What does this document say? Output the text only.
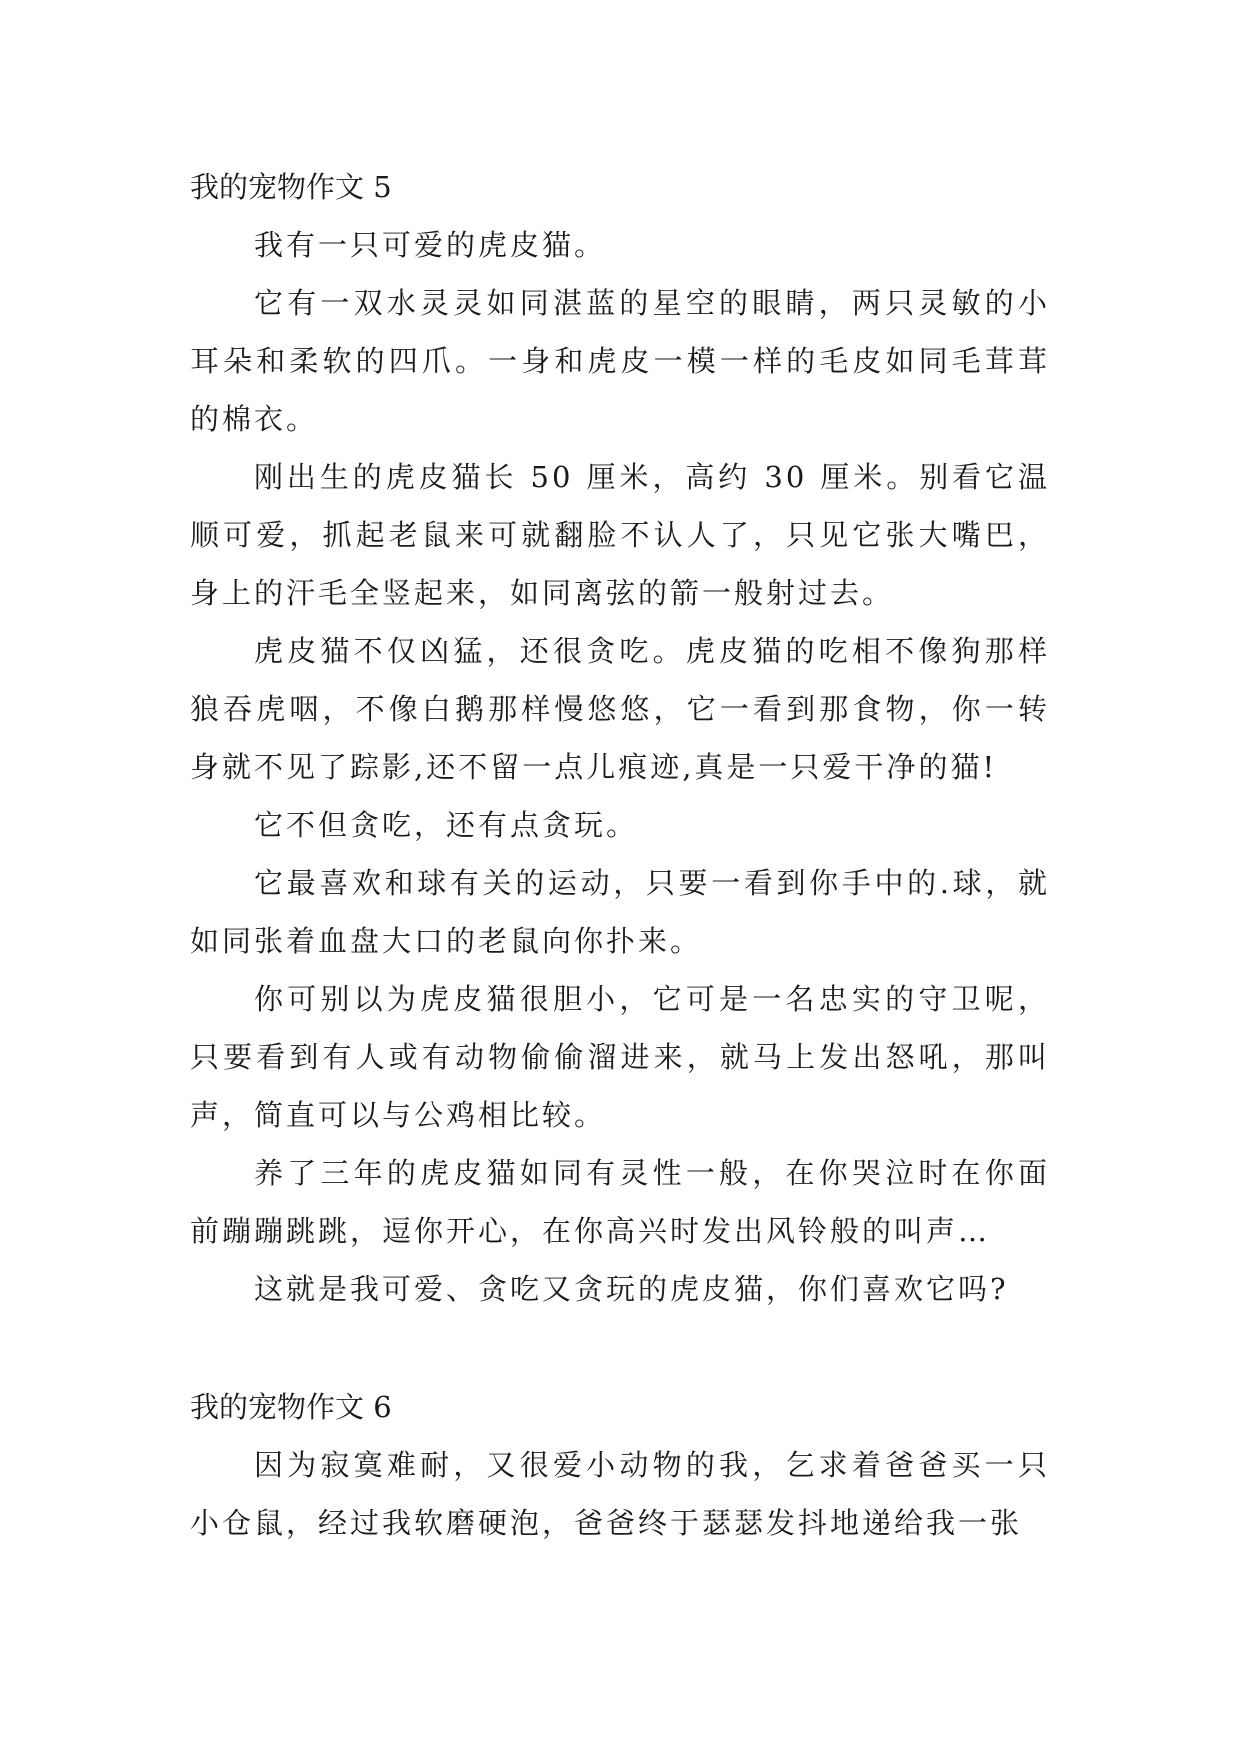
我的宠物作文 5

我有一只可爱的虎皮猫。

它有一双水灵灵如同湛蓝的星空的眼睛，两只灵敏的小耳朵和柔软的四爪。一身和虎皮一模一样的毛皮如同毛茸茸的棉衣。

刚出生的虎皮猫长 50 厘米，高约 30 厘米。别看它温顺可爱，抓起老鼠来可就翻脸不认人了，只见它张大嘴巴，身上的汗毛全竖起来，如同离弦的箭一般射过去。

虎皮猫不仅凶猛，还很贪吃。虎皮猫的吃相不像狗那样狼吞虎咽，不像白鹅那样慢悠悠，它一看到那食物，你一转身就不见了踪影,还不留一点儿痕迹,真是一只爱干净的猫!

它不但贪吃，还有点贪玩。

它最喜欢和球有关的运动，只要一看到你手中的.球，就如同张着血盘大口的老鼠向你扑来。

你可别以为虎皮猫很胆小，它可是一名忠实的守卫呢，只要看到有人或有动物偷偷溜进来，就马上发出怒吼，那叫声，简直可以与公鸡相比较。

养了三年的虎皮猫如同有灵性一般，在你哭泣时在你面前蹦蹦跳跳，逗你开心，在你高兴时发出风铃般的叫声…

这就是我可爱、贪吃又贪玩的虎皮猫，你们喜欢它吗?

我的宠物作文 6

因为寂寞难耐，又很爱小动物的我，乞求着爸爸买一只小仓鼠，经过我软磨硬泡，爸爸终于瑟瑟发抖地递给我一张
